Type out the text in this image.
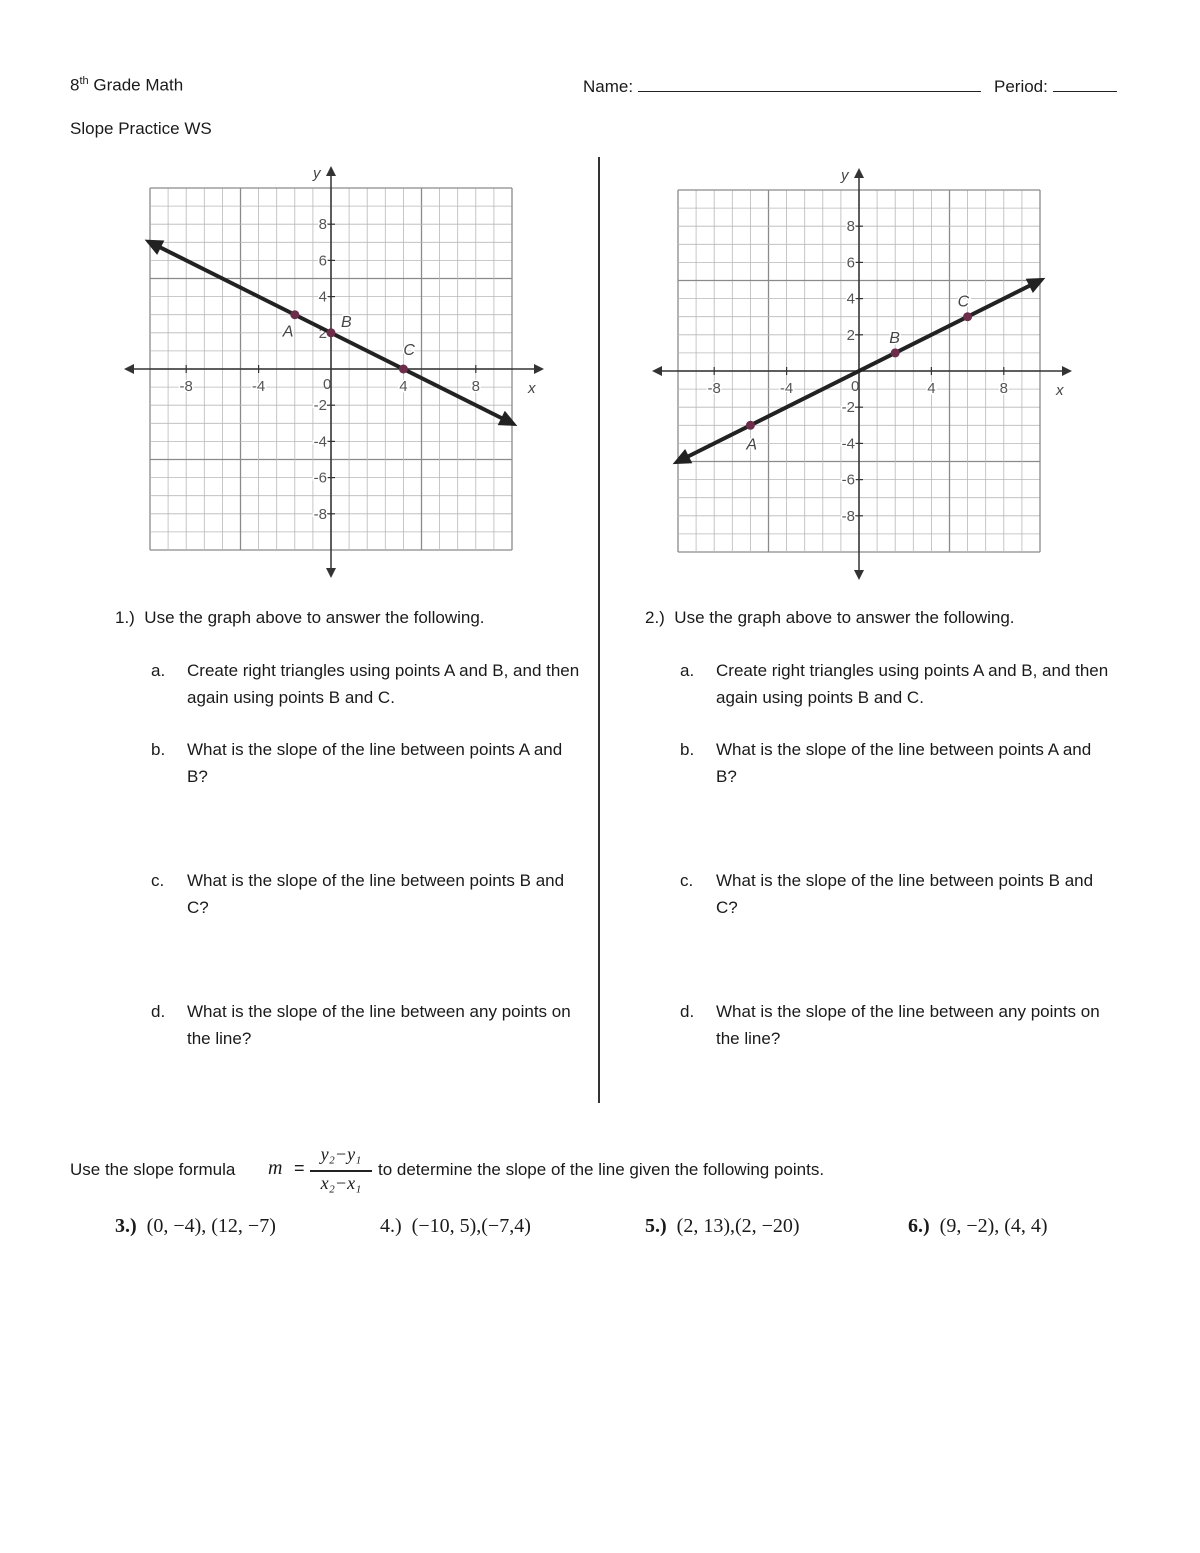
8th Grade Math	Name:	Period:
Slope Practice WS
x
y
-8	-4	4	8
0
8
6
4
2
-2
-4
-6
-8
A
B
C
x
y
-8	-4	4	8
0
8
6
4
2
-2
-4
-6
-8
A
B
C
1.) Use the graph above to answer the following.
a.	Create right triangles using points A and B, and then again using points B and C.
b.	What is the slope of the line between points A and B?
c.	What is the slope of the line between points B and C?
d.	What is the slope of the line between any points on the line?
2.) Use the graph above to answer the following.
a.	Create right triangles using points A and B, and then again using points B and C.
b.	What is the slope of the line between points A and B?
c.	What is the slope of the line between points B and C?
d.	What is the slope of the line between any points on the line?
Use the slope formula m =
y₂−y₁
x₂−x₁
to determine the slope of the line given the following points.
3.) (0, −4), (12, −7)	4.) (−10, 5),(−7,4)	5.) (2, 13),(2, −20)	6.) (9, −2), (4, 4)
